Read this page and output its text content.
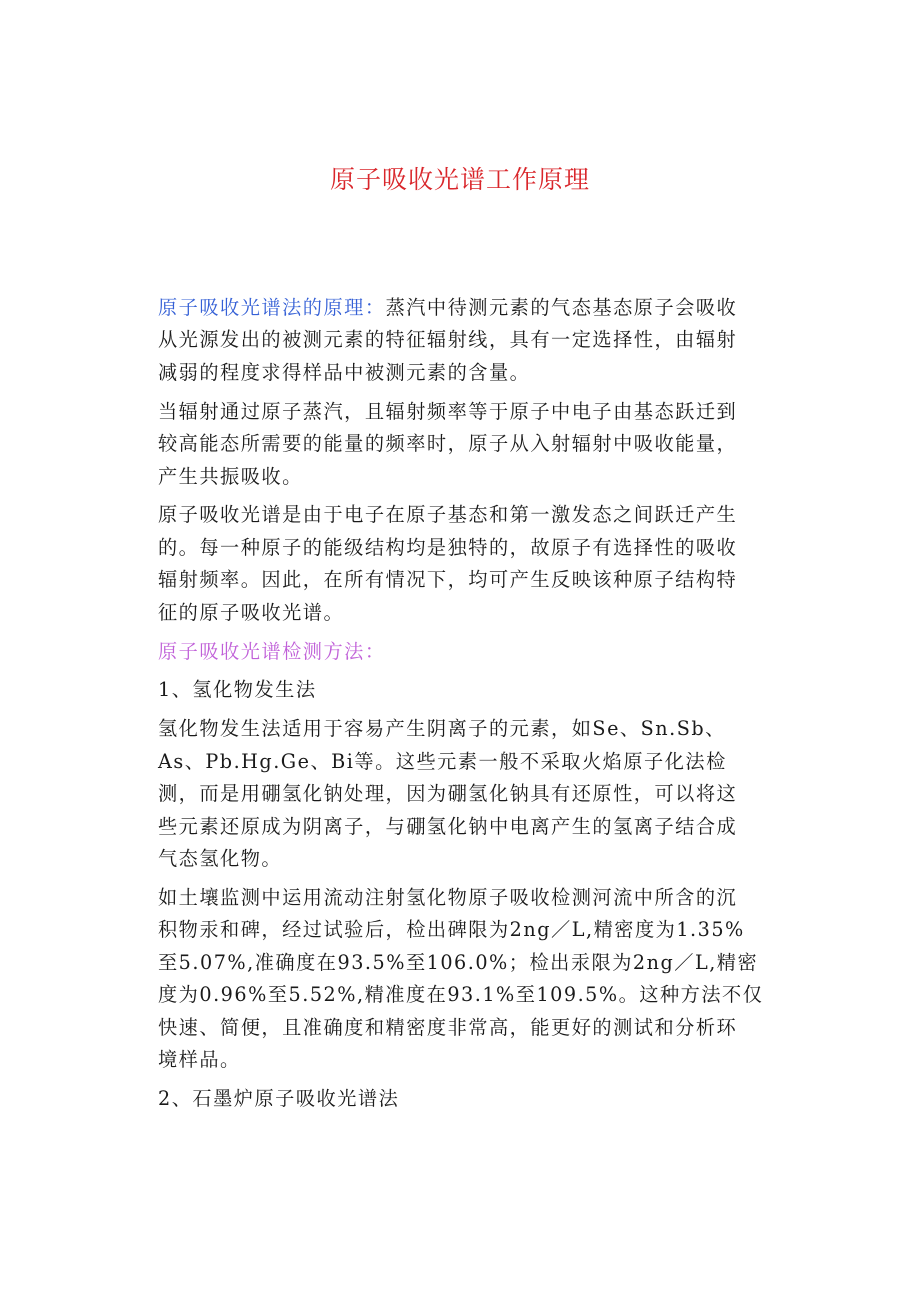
原子吸收光谱工作原理

原子吸收光谱法的原理：蒸汽中待测元素的气态基态原子会吸收
从光源发出的被测元素的特征辐射线，具有一定选择性，由辐射
减弱的程度求得样品中被测元素的含量。

当辐射通过原子蒸汽，且辐射频率等于原子中电子由基态跃迁到
较高能态所需要的能量的频率时，原子从入射辐射中吸收能量，
产生共振吸收。

原子吸收光谱是由于电子在原子基态和第一激发态之间跃迁产生
的。每一种原子的能级结构均是独特的，故原子有选择性的吸收
辐射频率。因此，在所有情况下，均可产生反映该种原子结构特
征的原子吸收光谱。

原子吸收光谱检测方法：

1、氢化物发生法

氢化物发生法适用于容易产生阴离子的元素，如Se、Sn.Sb、
As、Pb.Hg.Ge、Bi等。这些元素一般不采取火焰原子化法检
测，而是用硼氢化钠处理，因为硼氢化钠具有还原性，可以将这
些元素还原成为阴离子，与硼氢化钠中电离产生的氢离子结合成
气态氢化物。

如土壤监测中运用流动注射氢化物原子吸收检测河流中所含的沉
积物汞和碑，经过试验后，检出碑限为2ng／L,精密度为1.35%
至5.07%,准确度在93.5%至106.0%；检出汞限为2ng／L,精密
度为0.96%至5.52%,精准度在93.1%至109.5%。这种方法不仅
快速、简便，且准确度和精密度非常高，能更好的测试和分析环
境样品。

2、石墨炉原子吸收光谱法
